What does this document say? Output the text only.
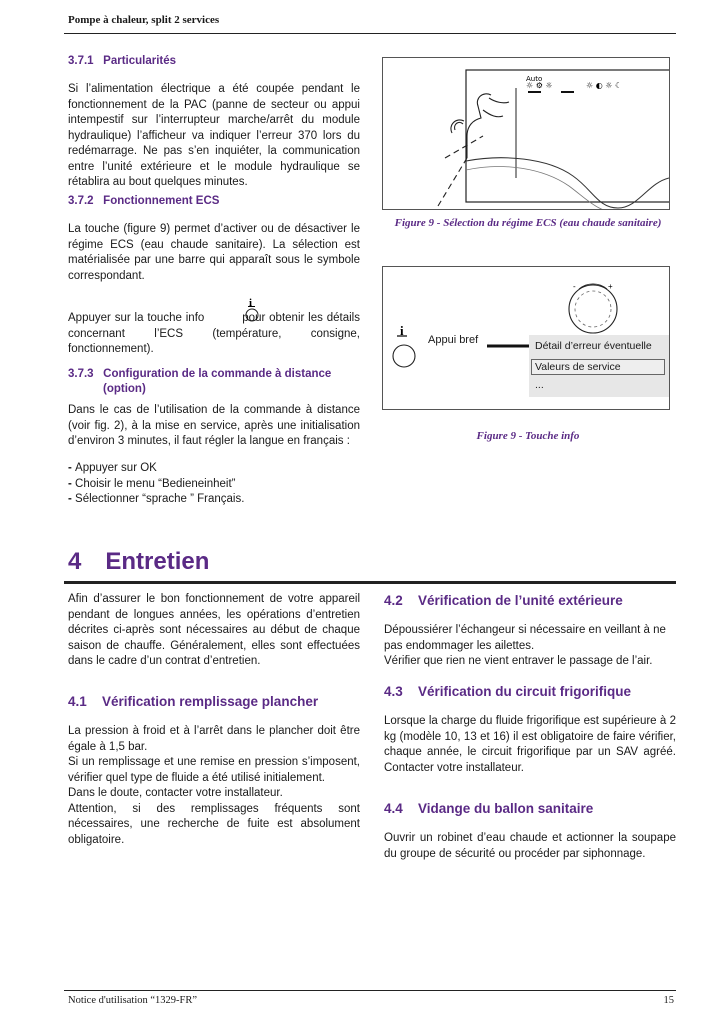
Pompe à chaleur, split 2 services
3.7.1 Particularités

Si l’alimentation électrique a été coupée pendant le fonctionnement de la PAC (panne de secteur ou appui intempestif sur l’interrupteur marche/arrêt du module hydraulique) l’afficheur va indiquer l’erreur 370 lors du redémarrage. Ne pas s’en inquiéter, la communication entre l’unité extérieure et le module hydraulique se rétablira au bout quelques minutes.

3.7.2 Fonctionnement ECS

La touche (figure 9) permet d’activer ou de désactiver le régime ECS (eau chaude sanitaire). La sélection est matérialisée par une barre qui apparaît sous le symbole correspondant.

i

Appuyer sur la touche info	pour obtenir les détails concernant l’ECS (température, consigne, fonctionnement).

3.7.3 Configuration de la commande à distance
(option)

Dans le cas de l’utilisation de la commande à distance (voir fig. 2), à la mise en service, après une initialisation d’environ 3 minutes, il faut régler la langue en français :

- Appuyer sur OK
- Choisir le menu “Bedieneinheit”
- Sélectionner “sprache ” Français.
Auto
☼ ⚙ ☼	☼ ◐ ☼ ☾
Figure 9 - Sélection du régime ECS (eau chaude sanitaire)
-	+
i
Appui bref	Détail d’erreur éventuelle
Valeurs de service
...
Figure 9 - Touche info
4 Entretien

Afin d’assurer le bon fonctionnement de votre appareil pendant de longues années, les opérations d’entretien décrites ci-après sont nécessaires au début de chaque saison de chauffe. Généralement, elles sont effectuées dans le cadre d’un contrat d’entretien.

4.1 Vérification remplissage plancher
La pression à froid et à l’arrêt dans le plancher doit être égale à 1,5 bar.
Si un remplissage et une remise en pression s’imposent, vérifier quel type de fluide a été utilisé initialement.
Dans le doute, contacter votre installateur.
Attention, si des remplissages fréquents sont nécessaires, une recherche de fuite est absolument obligatoire.
4.2 Vérification de l’unité extérieure
Dépoussiérer l’échangeur si nécessaire en veillant à ne pas endommager les ailettes.
Vérifier que rien ne vient entraver le passage de l’air.
4.3 Vérification du circuit frigorifique

Lorsque la charge du fluide frigorifique est supérieure à 2 kg (modèle 10, 13 et 16) il est obligatoire de faire vérifier, chaque année, le circuit frigorifique par un SAV agréé. Contacter votre installateur.

4.4 Vidange du ballon sanitaire

Ouvrir un robinet d’eau chaude et actionner la soupape du groupe de sécurité ou procéder par siphonnage.

Notice d'utilisation “1329-FR”	15
